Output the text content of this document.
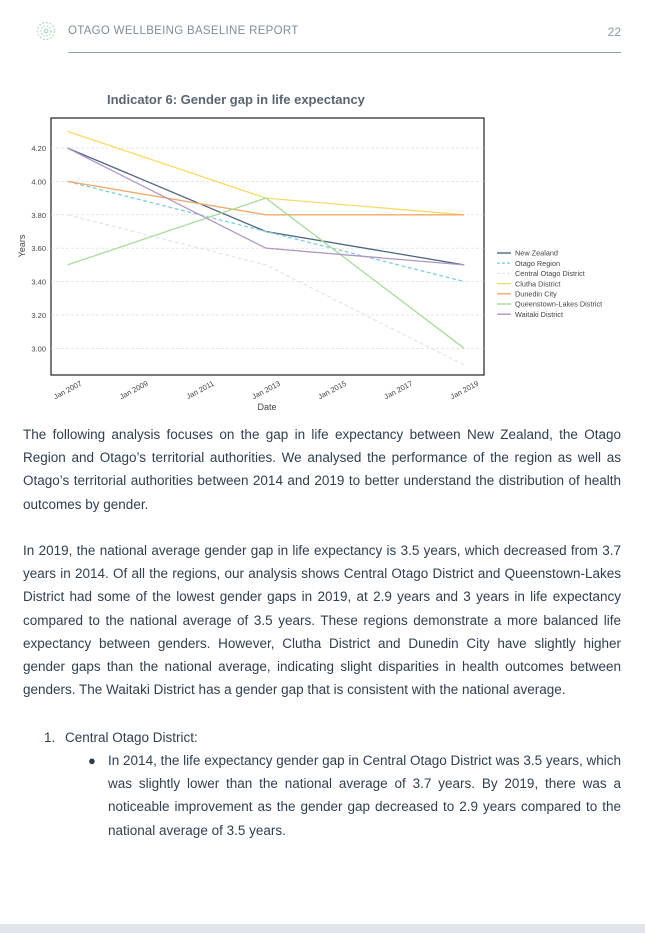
OTAGO WELLBEING BASELINE REPORT	22
Indicator 6: Gender gap in life expectancy
3.00
3.20
3.40
3.60
3.80
4.00
4.20
Jan 2007	Jan 2009	Jan 2011	Jan 2013	Jan 2015	Jan 2017	Jan 2019
Date
Years	New Zealand
Otago Region
Central Otago District
Clutha District
Dunedin City
Queenstown-Lakes District
Waitaki District

The following analysis focuses on the gap in life expectancy between New Zealand, the Otago Region and Otago’s territorial authorities. We analysed the performance of the region as well as Otago’s territorial authorities between 2014 and 2019 to better understand the distribution of health outcomes by gender.

In 2019, the national average gender gap in life expectancy is 3.5 years, which decreased from 3.7 years in 2014. Of all the regions, our analysis shows Central Otago District and Queenstown-Lakes District had some of the lowest gender gaps in 2019, at 2.9 years and 3 years in life expectancy compared to the national average of 3.5 years. These regions demonstrate a more balanced life expectancy between genders. However, Clutha District and Dunedin City have slightly higher gender gaps than the national average, indicating slight disparities in health outcomes between genders. The Waitaki District has a gender gap that is consistent with the national average.

1. Central Otago District:
● In 2014, the life expectancy gender gap in Central Otago District was 3.5 years, which was slightly lower than the national average of 3.7 years. By 2019, there was a noticeable improvement as the gender gap decreased to 2.9 years compared to the national average of 3.5 years.
